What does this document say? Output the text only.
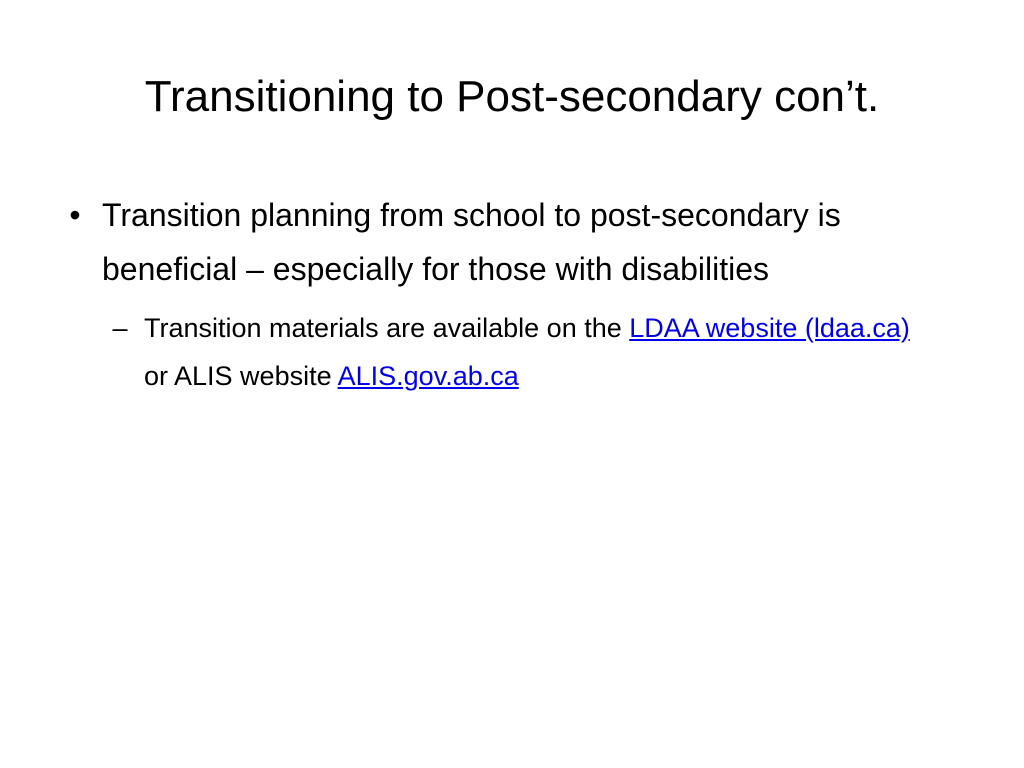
Transitioning to Post-secondary con’t.
• Transition planning from school to post-secondary is beneficial – especially for those with disabilities
– Transition materials are available on the LDAA website (ldaa.ca) or ALIS website ALIS.gov.ab.ca
